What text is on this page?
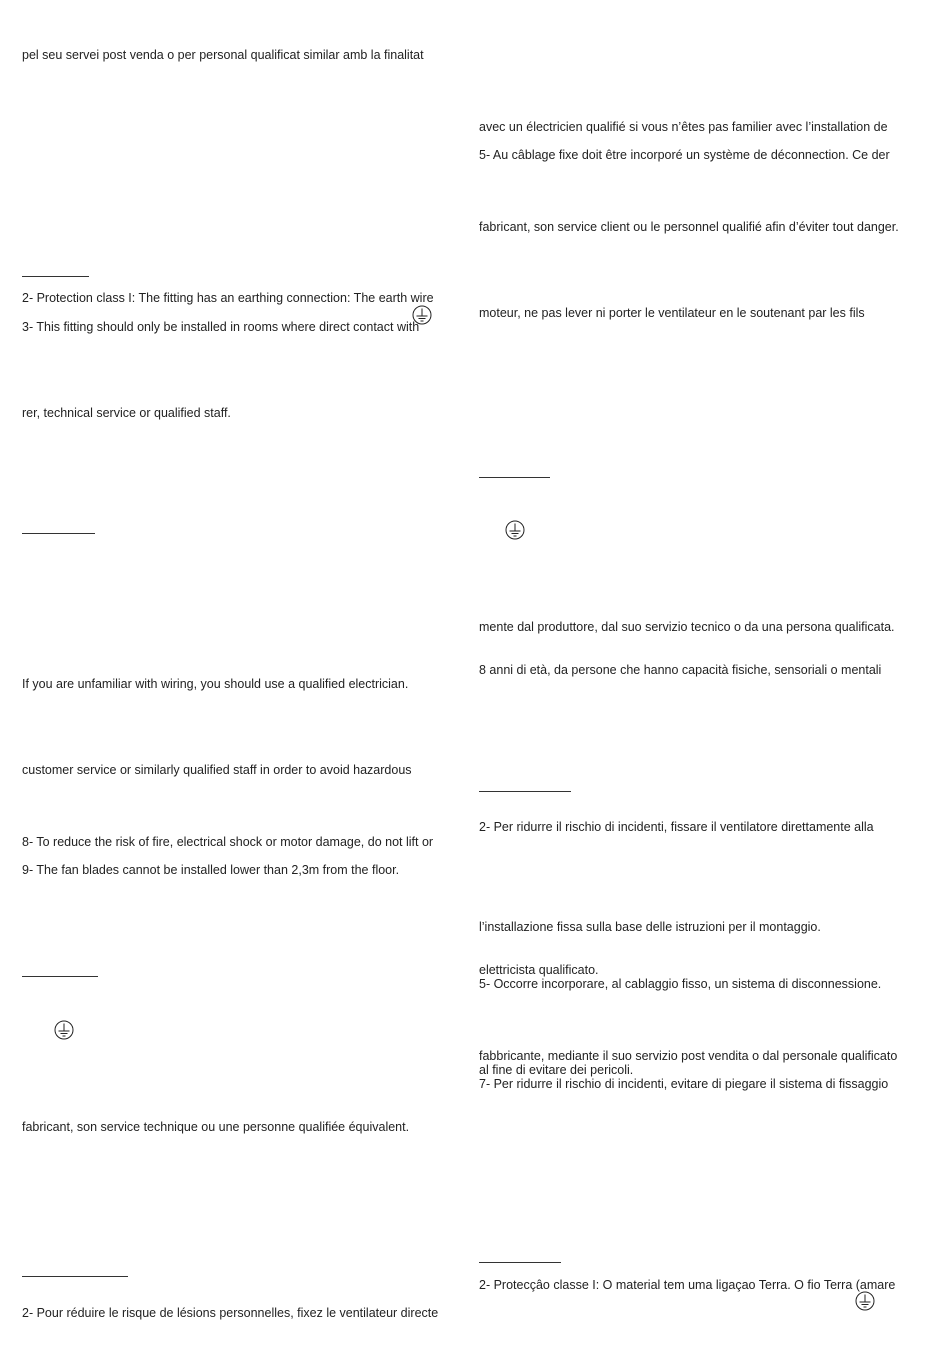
pel seu servei post venda o per personal qualificat similar amb la finalitat
2- Protection class I: The fitting has an earthing connection: The earth wire
3- This fitting should only be installed in rooms where direct contact with
rer, technical service or qualified staff.
If you are unfamiliar with wiring, you should use a qualified electrician.
customer service or similarly qualified staff in order to avoid hazardous
8- To reduce the risk of fire, electrical shock or motor damage, do not lift or
9- The fan blades cannot be installed lower than 2,3m from the floor.
fabricant, son service technique ou une personne qualifiée équivalent.
2- Pour réduire le risque de lésions personnelles, fixez le ventilateur directe
avec un électricien qualifié si vous n’êtes pas familier avec l’installation de
5- Au câblage fixe doit être incorporé un système de déconnection. Ce der
fabricant, son service client ou le personnel qualifié afin d’éviter tout danger.
moteur, ne pas lever ni porter le ventilateur en le soutenant par les fils
mente dal produttore, dal suo servizio tecnico o da una persona qualificata.
8 anni di età, da persone che hanno capacità fisiche, sensoriali o mentali
2- Per ridurre il rischio di incidenti, fissare il ventilatore direttamente alla
l’installazione fissa sulla base delle istruzioni per il montaggio.
elettricista qualificato.
5- Occorre incorporare, al cablaggio fisso, un sistema di disconnessione.
fabbricante, mediante il suo servizio post vendita o dal personale qualificato
al fine di evitare dei pericoli.
7- Per ridurre il rischio di incidenti, evitare di piegare il sistema di fissaggio
2- Protecçâo classe I: O material tem uma ligaçao Terra. O fio Terra (amare
